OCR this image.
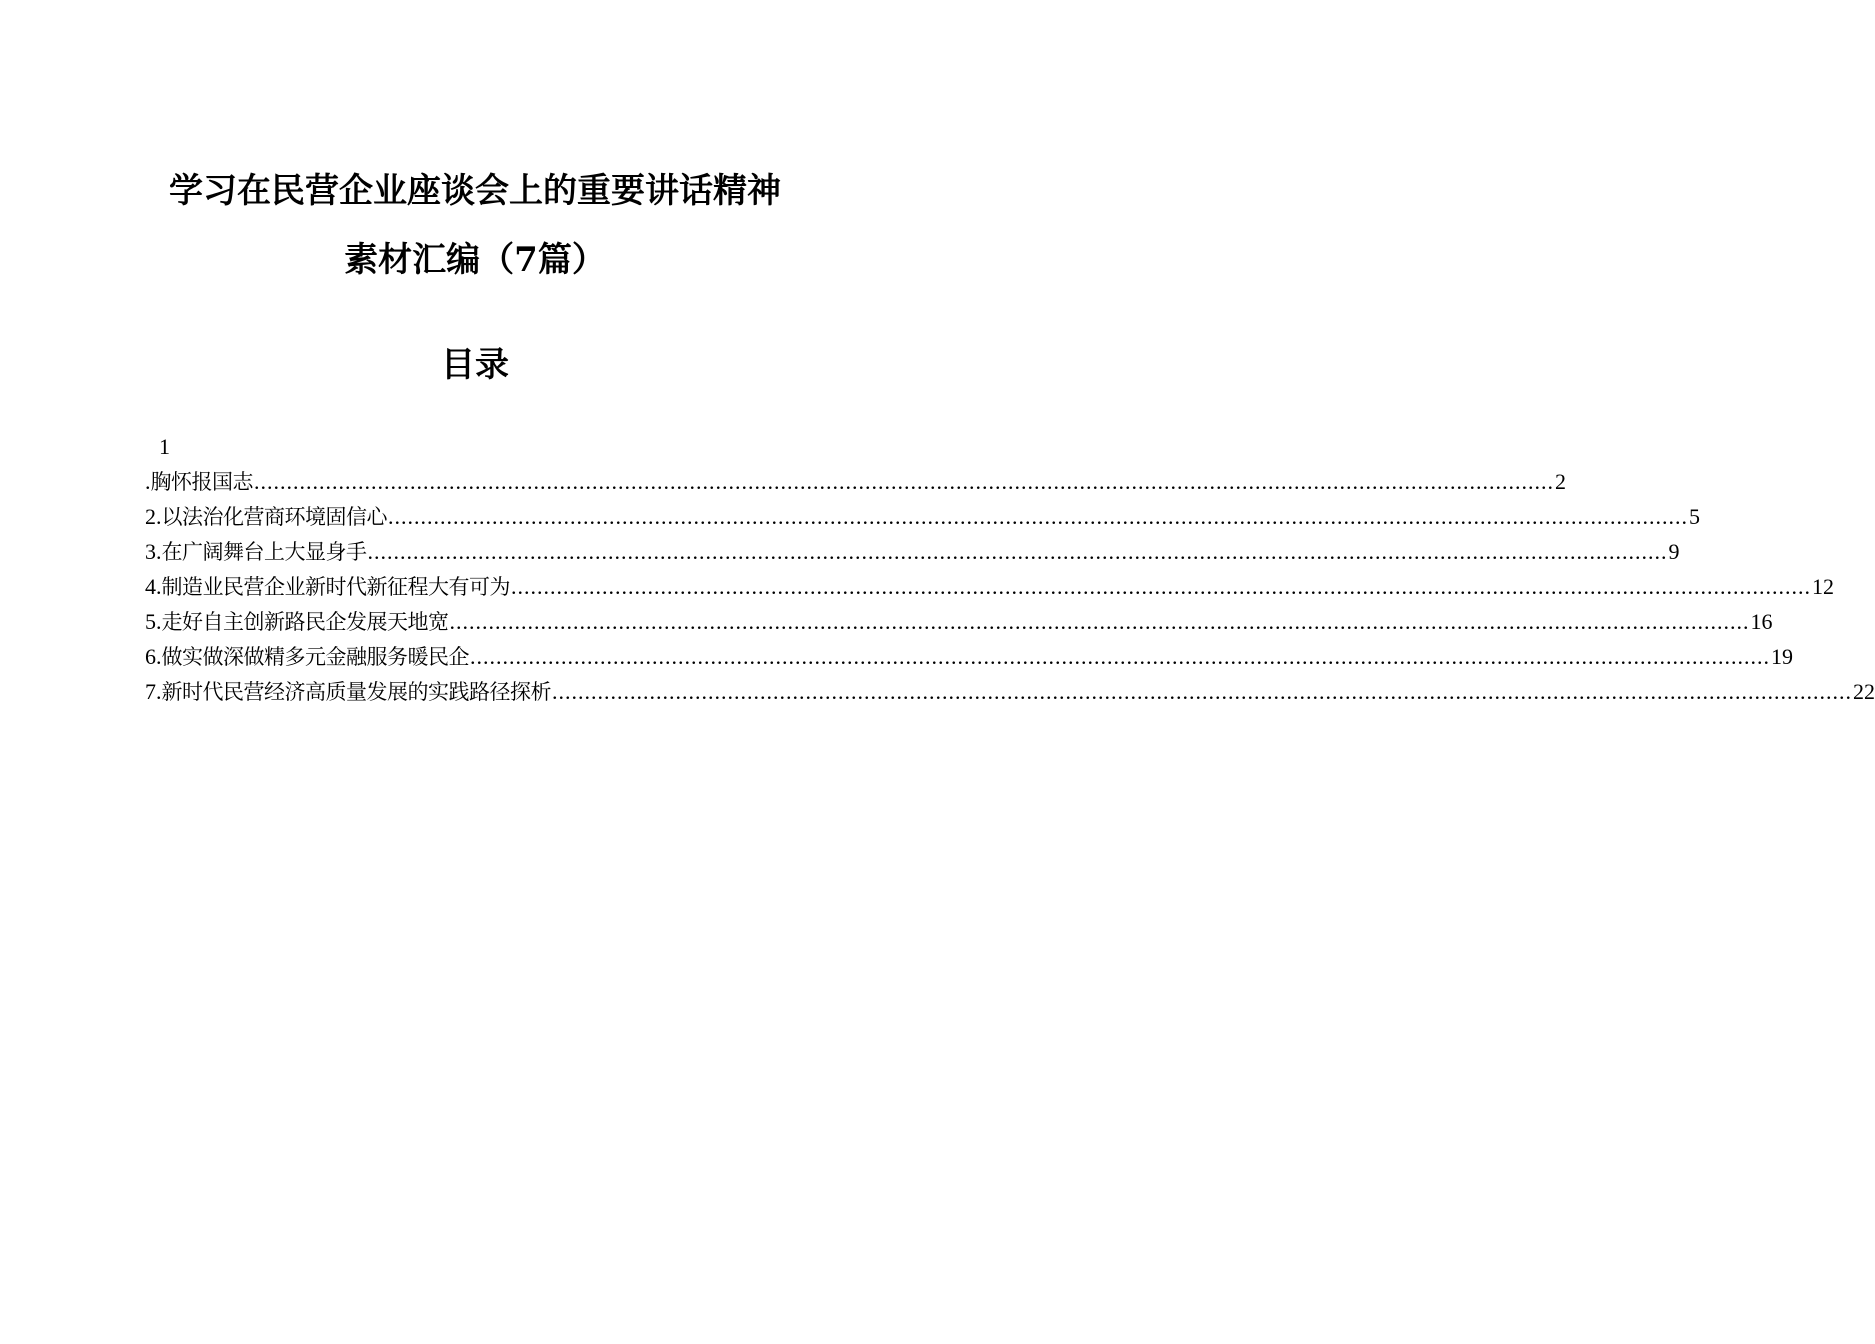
学习在民营企业座谈会上的重要讲话精神
素材汇编（7篇）
目录
1
. 胸怀报国志 ........................................................................................................................................................................................................ 2
2. 以法治化营商环境固信心 ........................................................................................................................................................................................................ 5
3. 在广阔舞台上大显身手 ........................................................................................................................................................................................................ 9
4. 制造业民营企业新时代新征程大有可为 ........................................................................................................................................................................................................ 12
5. 走好自主创新路民企发展天地宽 ........................................................................................................................................................................................................ 16
6. 做实做深做精多元金融服务暖民企 ........................................................................................................................................................................................................ 19
7. 新时代民营经济高质量发展的实践路径探析 ........................................................................................................................................................................................................ 22
